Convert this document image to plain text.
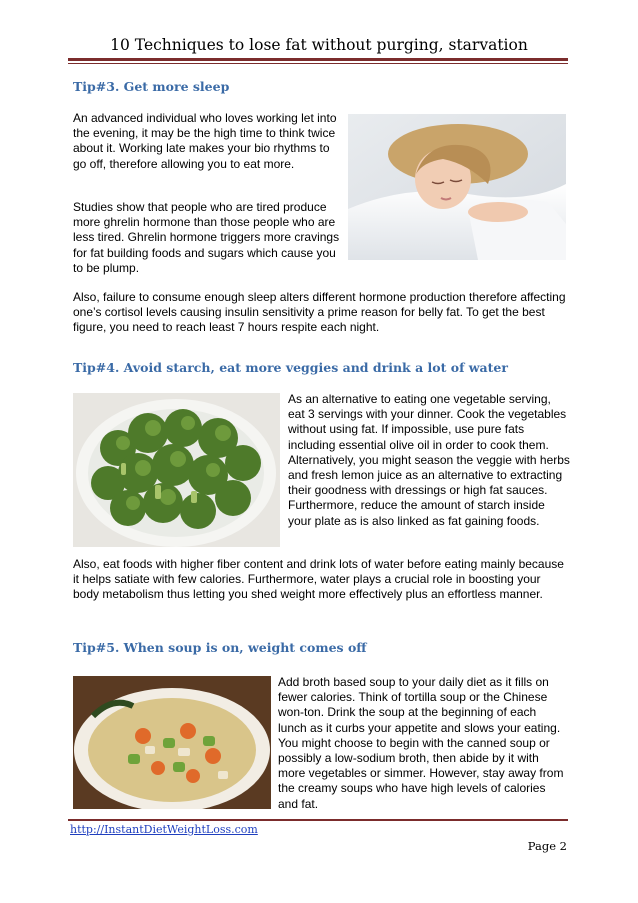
10 Techniques to lose fat without purging, starvation
Tip#3. Get more sleep
An advanced individual who loves working let into the evening, it may be the high time to think twice about it. Working late makes your bio rhythms to go off, therefore allowing you to eat more.
Studies show that people who are tired produce more ghrelin hormone than those people who are less tired. Ghrelin hormone triggers more cravings for fat building foods and sugars which cause you to be plump.
Also, failure to consume enough sleep alters different hormone production therefore affecting one’s cortisol levels causing insulin sensitivity a prime reason for belly fat. To get the best figure, you need to reach least 7 hours respite each night.
Tip#4. Avoid starch, eat more veggies and drink a lot of water
As an alternative to eating one vegetable serving, eat 3 servings with your dinner. Cook the vegetables without using fat. If impossible, use pure fats including essential olive oil in order to cook them. Alternatively, you might season the veggie with herbs and fresh lemon juice as an alternative to extracting their goodness with dressings or high fat sauces. Furthermore, reduce the amount of starch inside your plate as is also linked as fat gaining foods.
Also, eat foods with higher fiber content and drink lots of water before eating mainly because it helps satiate with few calories. Furthermore, water plays a crucial role in boosting your body metabolism thus letting you shed weight more effectively plus an effortless manner.
Tip#5. When soup is on, weight comes off
Add broth based soup to your daily diet as it fills on fewer calories. Think of tortilla soup or the Chinese won-ton. Drink the soup at the beginning of each lunch as it curbs your appetite and slows your eating. You might choose to begin with the canned soup or possibly a low-sodium broth, then abide by it with more vegetables or simmer. However, stay away from the creamy soups who have high levels of calories and fat.
http://InstantDietWeightLoss.com
Page 2
